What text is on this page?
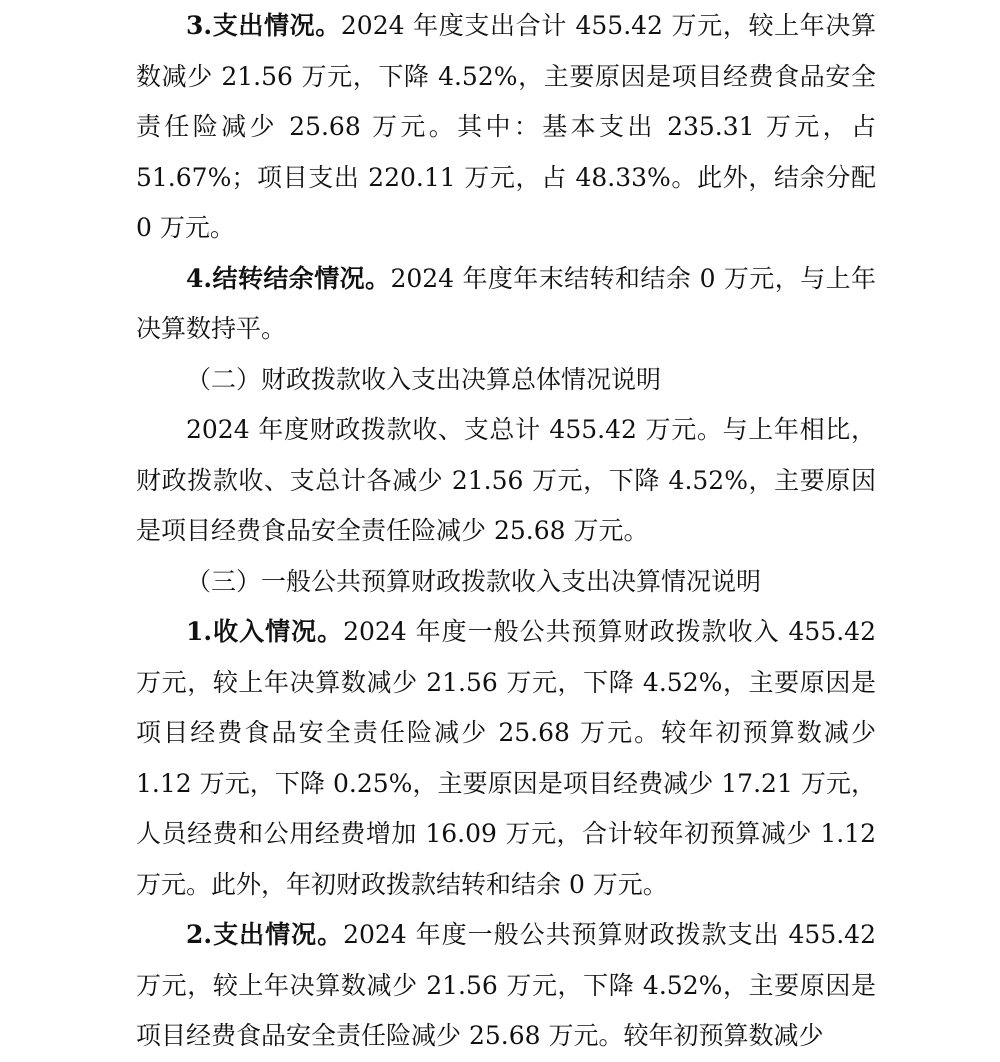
3.支出情况。2024 年度支出合计 455.42 万元，较上年决算数减少 21.56 万元，下降 4.52%，主要原因是项目经费食品安全责任险减少 25.68 万元。其中：基本支出 235.31 万元，占 51.67%；项目支出 220.11 万元，占 48.33%。此外，结余分配 0 万元。

4.结转结余情况。2024 年度年末结转和结余 0 万元，与上年决算数持平。

（二）财政拨款收入支出决算总体情况说明

2024 年度财政拨款收、支总计 455.42 万元。与上年相比，财政拨款收、支总计各减少 21.56 万元，下降 4.52%，主要原因是项目经费食品安全责任险减少 25.68 万元。

（三）一般公共预算财政拨款收入支出决算情况说明

1.收入情况。2024 年度一般公共预算财政拨款收入 455.42 万元，较上年决算数减少 21.56 万元，下降 4.52%，主要原因是项目经费食品安全责任险减少 25.68 万元。较年初预算数减少 1.12 万元，下降 0.25%，主要原因是项目经费减少 17.21 万元，人员经费和公用经费增加 16.09 万元，合计较年初预算减少 1.12 万元。此外，年初财政拨款结转和结余 0 万元。

2.支出情况。2024 年度一般公共预算财政拨款支出 455.42 万元，较上年决算数减少 21.56 万元，下降 4.52%，主要原因是项目经费食品安全责任险减少 25.68 万元。较年初预算数减少
